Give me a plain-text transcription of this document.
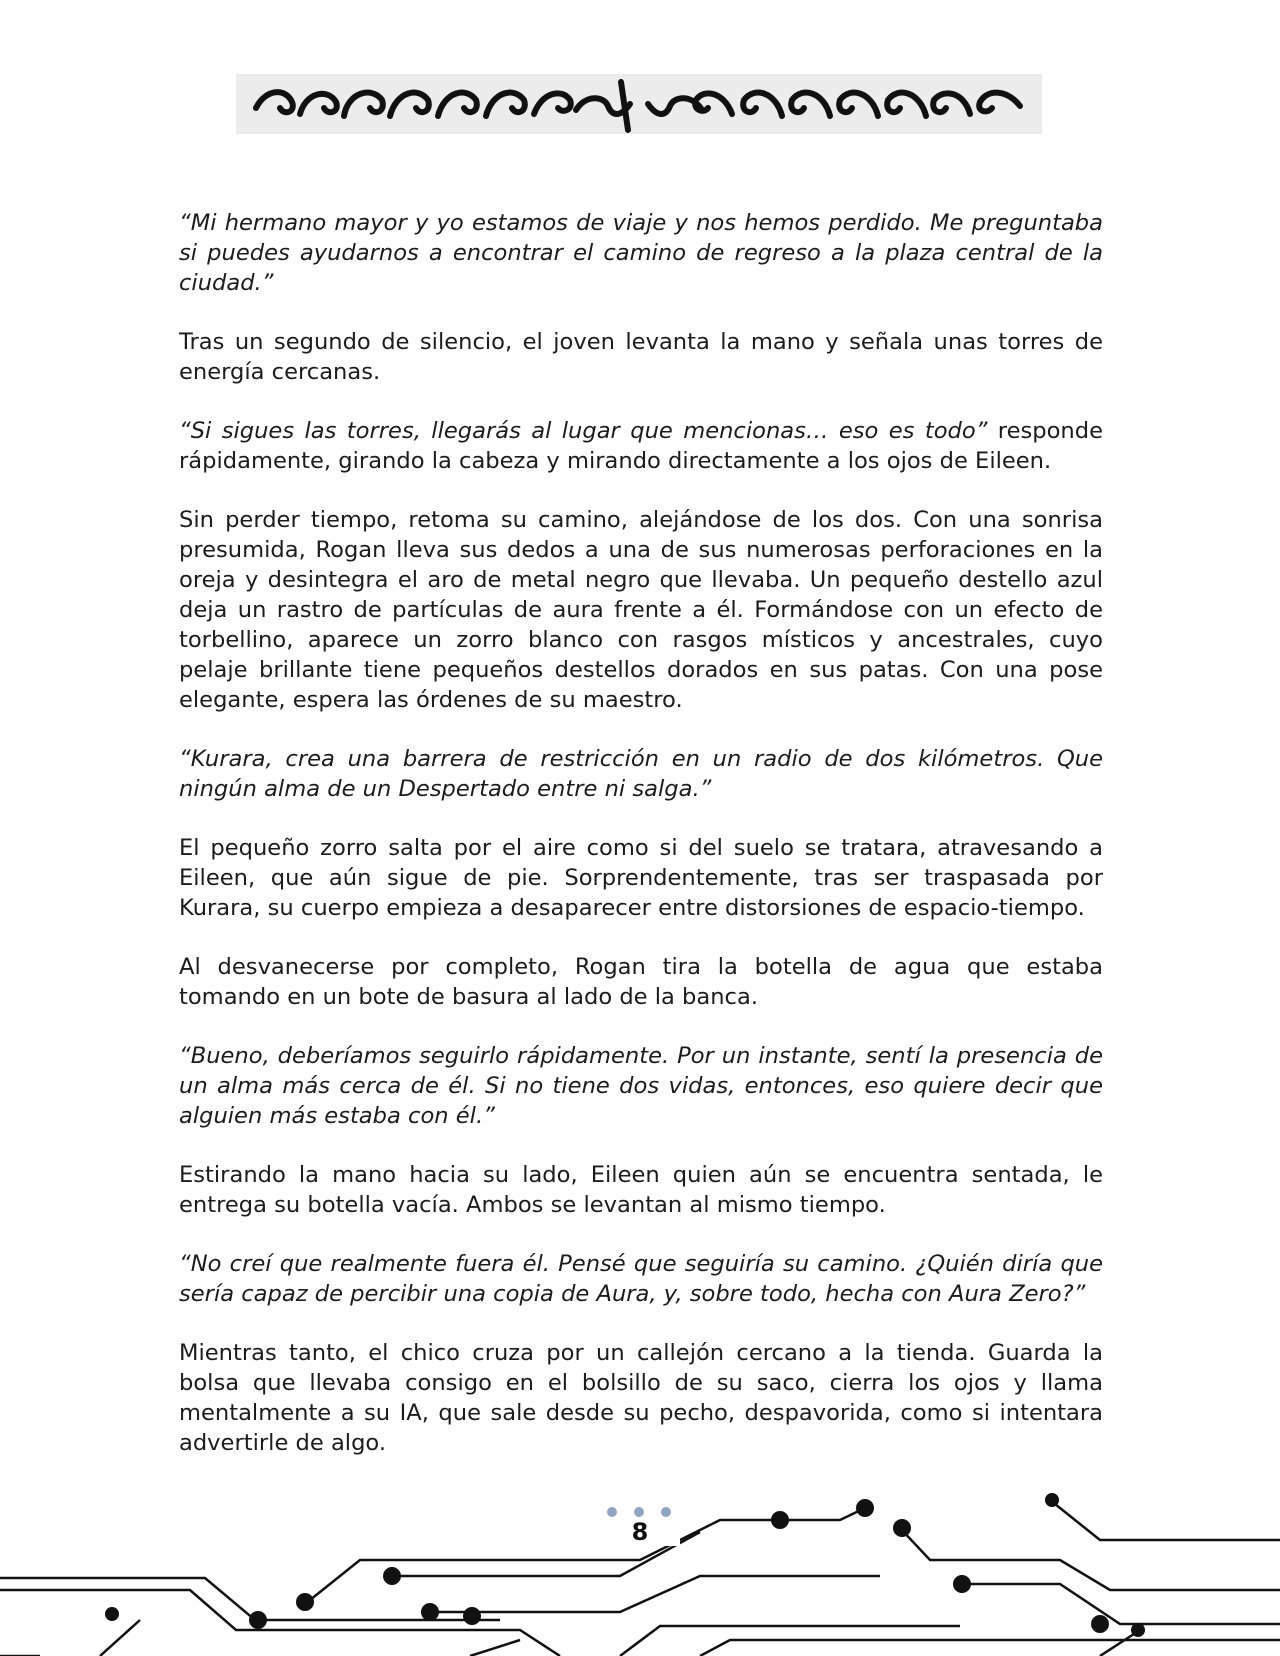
“Mi hermano mayor y yo estamos de viaje y nos hemos perdido. Me preguntaba si puedes ayudarnos a encontrar el camino de regreso a la plaza central de la ciudad.”

Tras un segundo de silencio, el joven levanta la mano y señala unas torres de energía cercanas.

“Si sigues las torres, llegarás al lugar que mencionas… eso es todo” responde rápidamente, girando la cabeza y mirando directamente a los ojos de Eileen.

Sin perder tiempo, retoma su camino, alejándose de los dos. Con una sonrisa presumida, Rogan lleva sus dedos a una de sus numerosas perforaciones en la oreja y desintegra el aro de metal negro que llevaba. Un pequeño destello azul deja un rastro de partículas de aura frente a él. Formándose con un efecto de torbellino, aparece un zorro blanco con rasgos místicos y ancestrales, cuyo pelaje brillante tiene pequeños destellos dorados en sus patas. Con una pose elegante, espera las órdenes de su maestro.

“Kurara, crea una barrera de restricción en un radio de dos kilómetros. Que ningún alma de un Despertado entre ni salga.”

El pequeño zorro salta por el aire como si del suelo se tratara, atravesando a Eileen, que aún sigue de pie. Sorprendentemente, tras ser traspasada por Kurara, su cuerpo empieza a desaparecer entre distorsiones de espacio-tiempo.

Al desvanecerse por completo, Rogan tira la botella de agua que estaba tomando en un bote de basura al lado de la banca.

“Bueno, deberíamos seguirlo rápidamente. Por un instante, sentí la presencia de un alma más cerca de él. Si no tiene dos vidas, entonces, eso quiere decir que alguien más estaba con él.”

Estirando la mano hacia su lado, Eileen quien aún se encuentra sentada, le entrega su botella vacía. Ambos se levantan al mismo tiempo.

“No creí que realmente fuera él. Pensé que seguiría su camino. ¿Quién diría que sería capaz de percibir una copia de Aura, y, sobre todo, hecha con Aura Zero?”

Mientras tanto, el chico cruza por un callejón cercano a la tienda. Guarda la bolsa que llevaba consigo en el bolsillo de su saco, cierra los ojos y llama mentalmente a su IA, que sale desde su pecho, despavorida, como si intentara advertirle de algo.

8
